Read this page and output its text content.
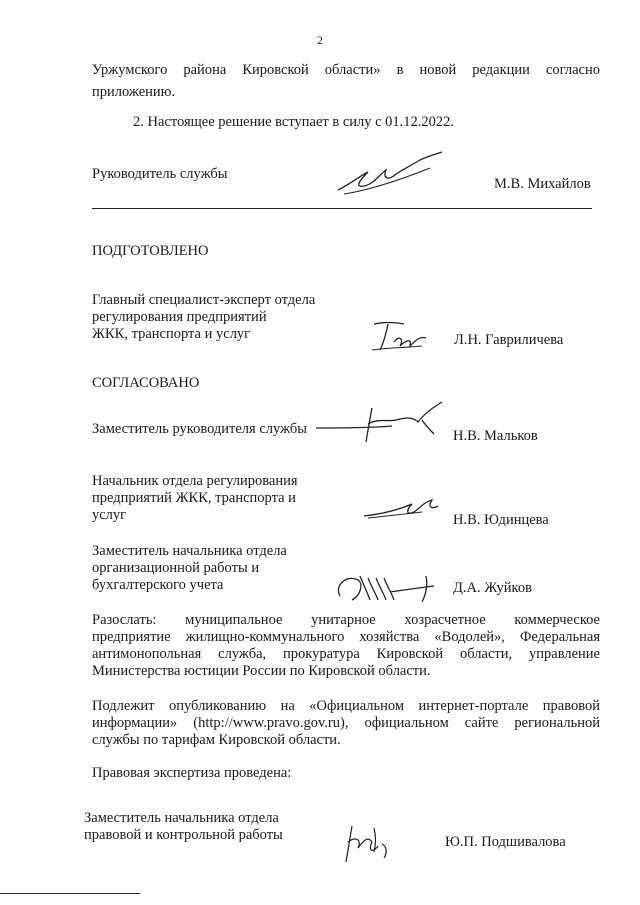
2
Уржумского района Кировской области» в новой редакции согласно
приложению.
2. Настоящее решение вступает в силу с 01.12.2022.
Руководитель службы
М.В. Михайлов
ПОДГОТОВЛЕНО
Главный специалист-эксперт отдела
регулирования предприятий
ЖКК, транспорта и услуг	Л.Н. Гавриличева
СОГЛАСОВАНО
Заместитель руководителя службы	Н.В. Мальков
Начальник отдела регулирования
предприятий ЖКК, транспорта и
услуг	Н.В. Юдинцева
Заместитель начальника отдела
организационной работы и
бухгалтерского учета	Д.А. Жуйков
Разослать: муниципальное унитарное хозрасчетное коммерческое
предприятие жилищно-коммунального хозяйства «Водолей», Федеральная
антимонопольная служба, прокуратура Кировской области, управление
Министерства юстиции России по Кировской области.
Подлежит опубликованию на «Официальном интернет-портале правовой
информации» (http://www.pravo.gov.ru), официальном сайте региональной
службы по тарифам Кировской области.
Правовая экспертиза проведена:
Заместитель начальника отдела
правовой и контрольной работы	Ю.П. Подшивалова
